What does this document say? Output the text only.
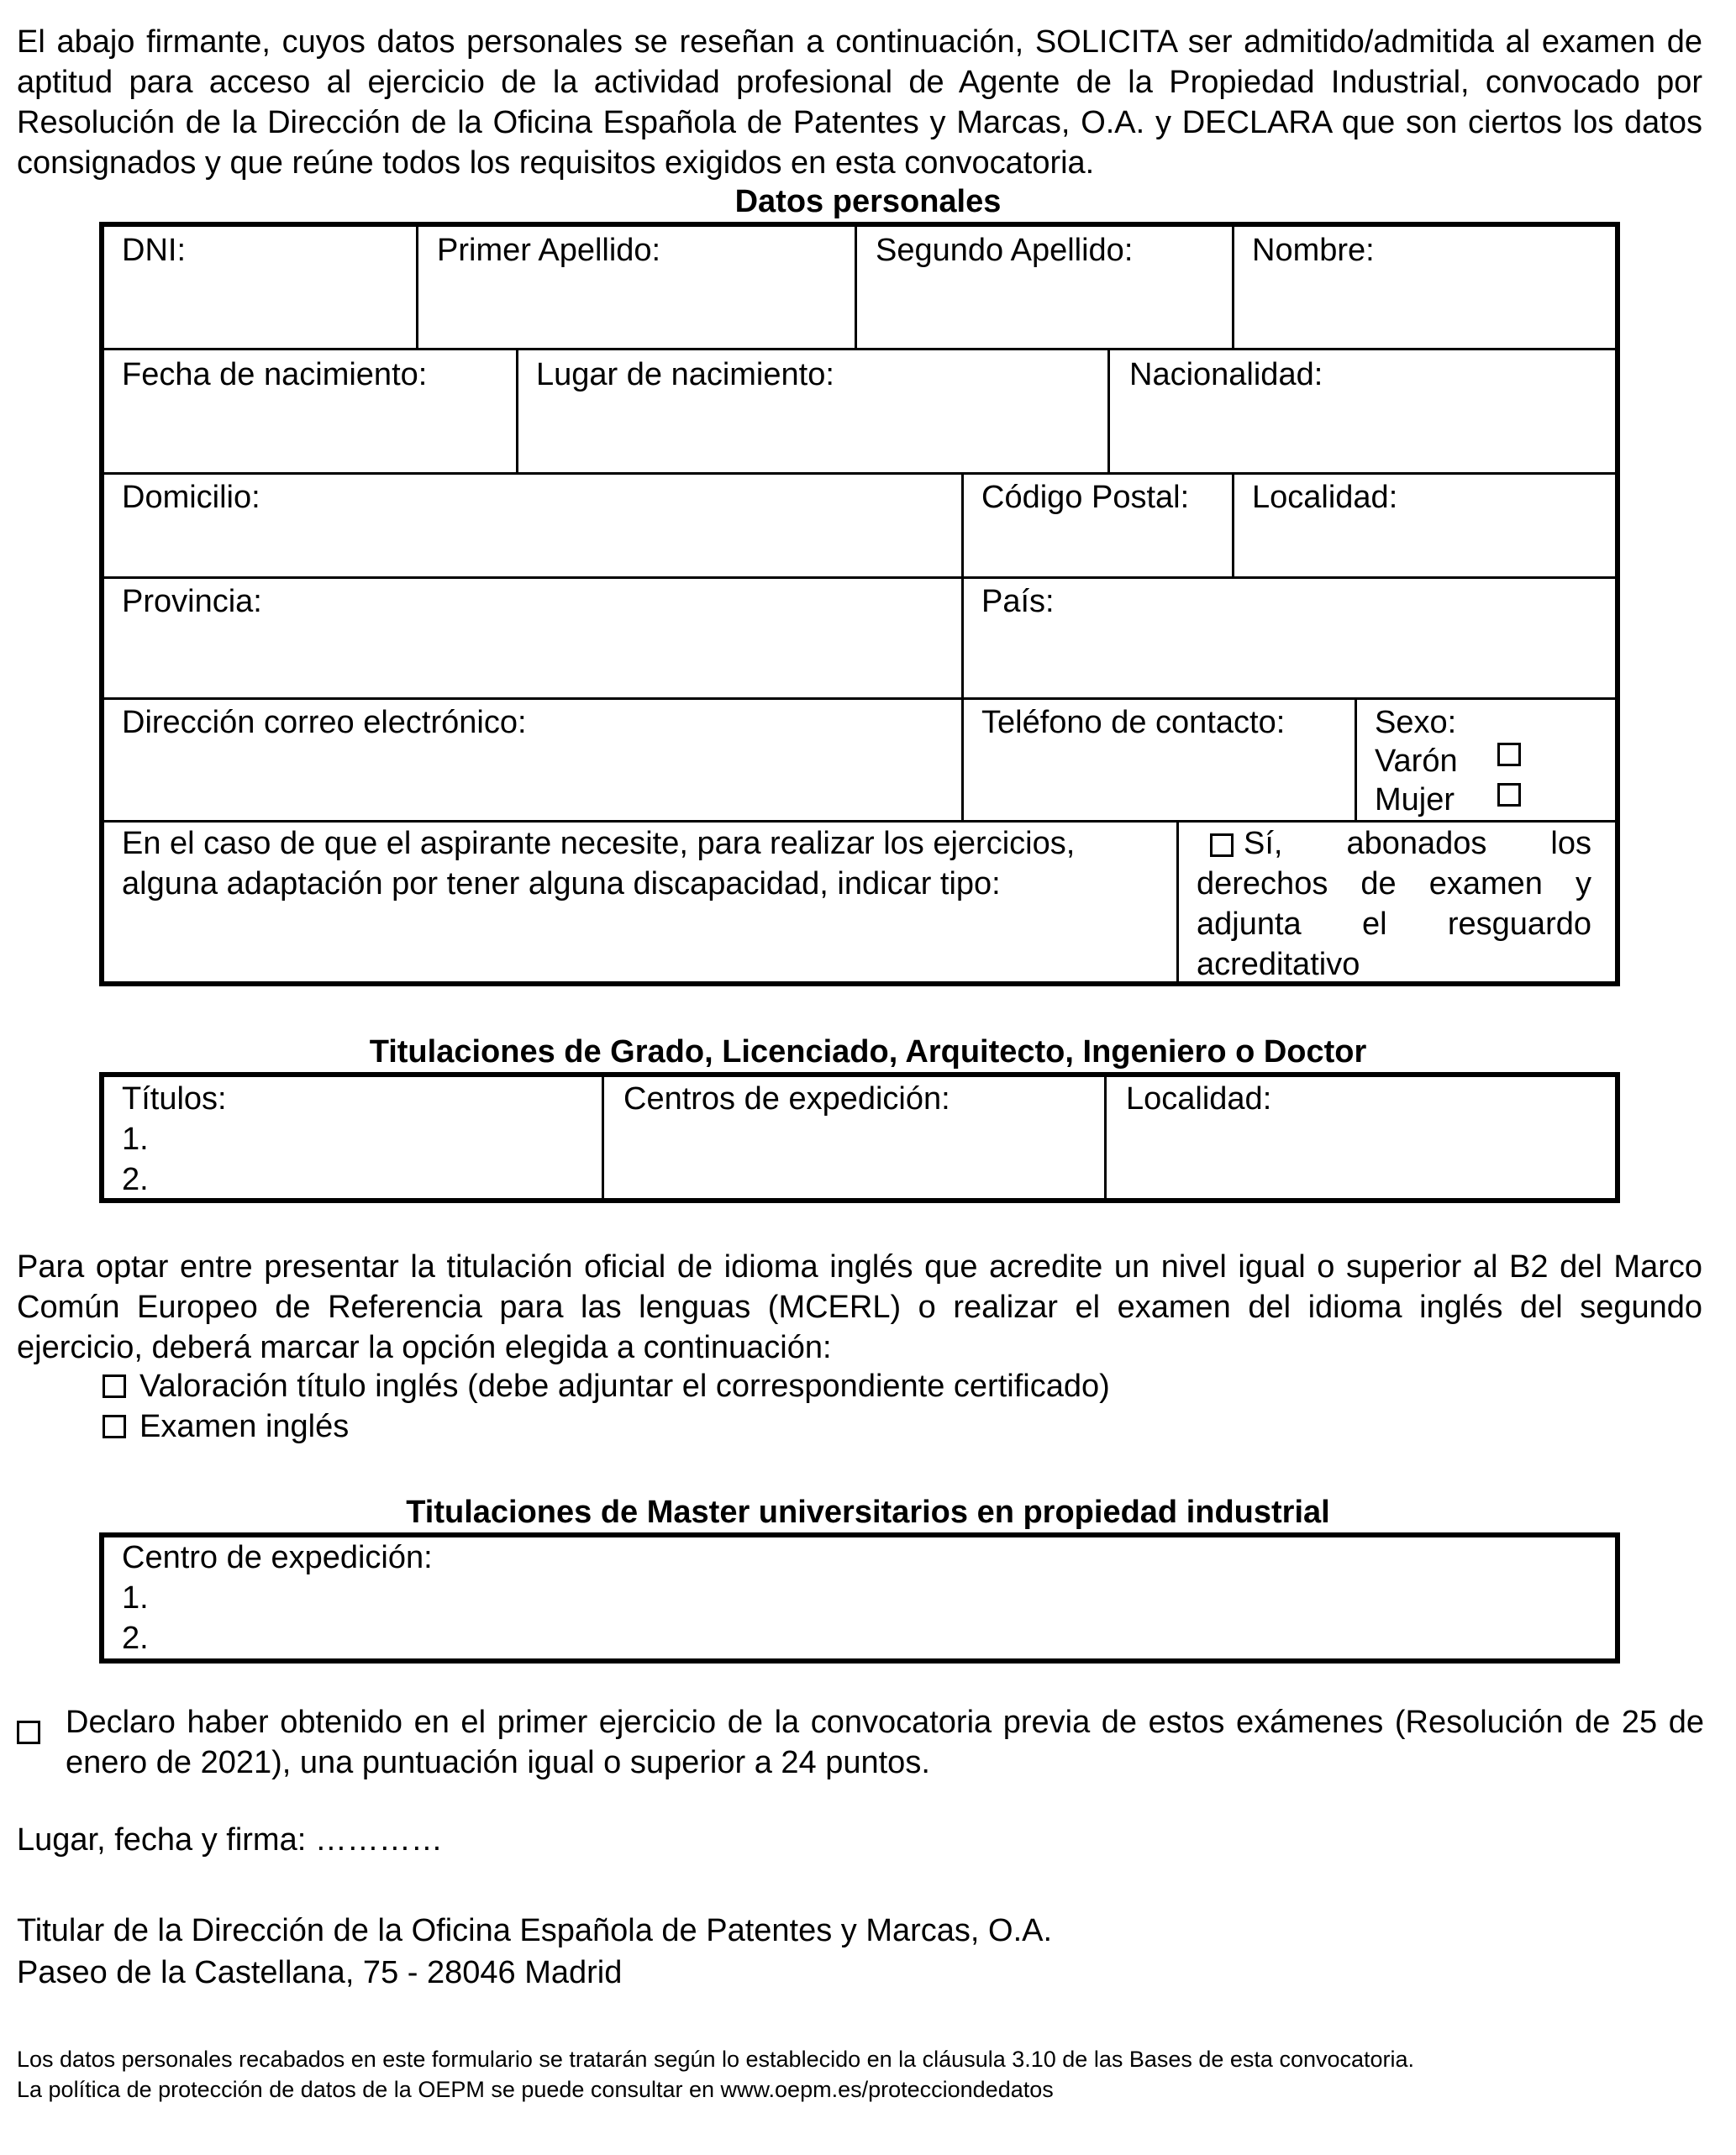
El abajo firmante, cuyos datos personales se reseñan a continuación, SOLICITA ser admitido/admitida al examen de aptitud para acceso al ejercicio de la actividad profesional de Agente de la Propiedad Industrial, convocado por Resolución de la Dirección de la Oficina Española de Patentes y Marcas, O.A. y DECLARA que son ciertos los datos consignados y que reúne todos los requisitos exigidos en esta convocatoria.
Datos personales
DNI:	Primer Apellido:	Segundo Apellido:	Nombre:
Fecha de nacimiento:	Lugar de nacimiento:	Nacionalidad:
Domicilio:	Código Postal: Localidad:
Provincia:	País:
Dirección correo electrónico:	Teléfono de contacto:	Sexo:
Varón
Mujer
En el caso de que el aspirante necesite, para realizar los ejercicios, alguna adaptación por tener alguna discapacidad, indicar tipo:
Sí, abonados los derechos de examen y adjunta el resguardo acreditativo
Titulaciones de Grado, Licenciado, Arquitecto, Ingeniero o Doctor
Títulos:
1.
2.
Centros de expedición:	Localidad:
Para optar entre presentar la titulación oficial de idioma inglés que acredite un nivel igual o superior al B2 del Marco Común Europeo de Referencia para las lenguas (MCERL) o realizar el examen del idioma inglés del segundo ejercicio, deberá marcar la opción elegida a continuación:
Valoración título inglés (debe adjuntar el correspondiente certificado)
Examen inglés
Titulaciones de Master universitarios en propiedad industrial
Centro de expedición:
1.
2.
Declaro haber obtenido en el primer ejercicio de la convocatoria previa de estos exámenes (Resolución de 25 de enero de 2021), una puntuación igual o superior a 24 puntos.
Lugar, fecha y firma: …………
Titular de la Dirección de la Oficina Española de Patentes y Marcas, O.A.
Paseo de la Castellana, 75 - 28046 Madrid
Los datos personales recabados en este formulario se tratarán según lo establecido en la cláusula 3.10 de las Bases de esta convocatoria.
La política de protección de datos de la OEPM se puede consultar en www.oepm.es/protecciondedatos
